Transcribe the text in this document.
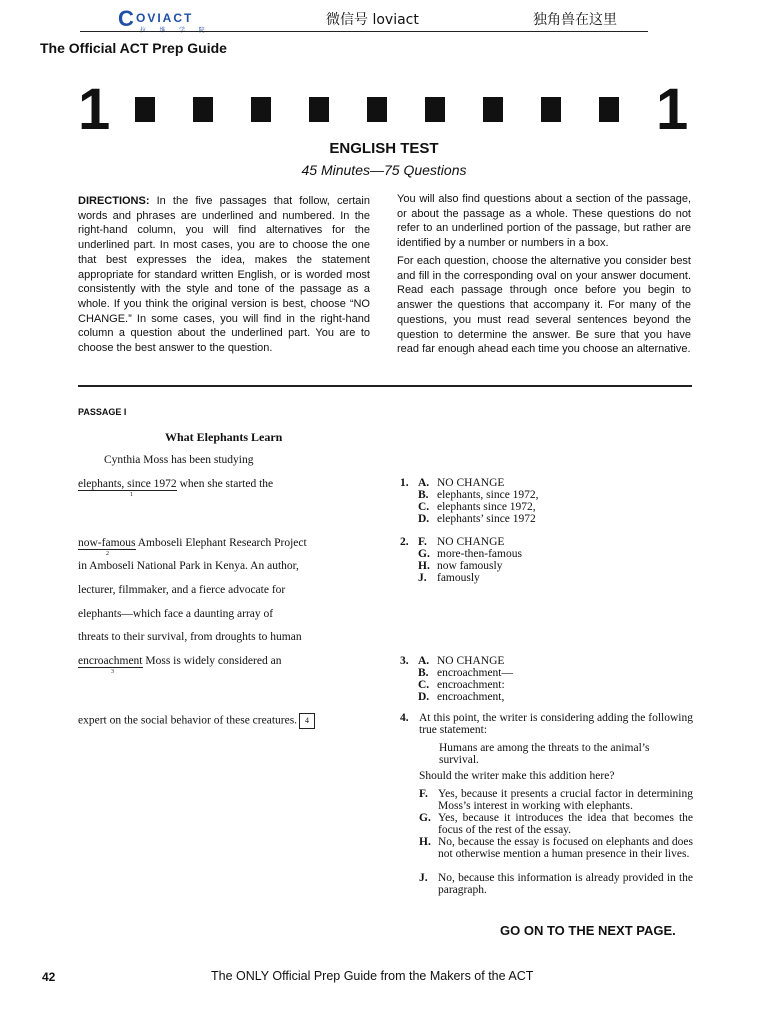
C OVIACT	微信号 loviact	独角兽在这里
The Official ACT Prep Guide
1	1
ENGLISH TEST
45 Minutes—75 Questions
DIRECTIONS: In the five passages that follow, certain words and phrases are underlined and numbered. In the right-hand column, you will find alternatives for the underlined part. In most cases, you are to choose the one that best expresses the idea, makes the statement appropriate for standard written English, or is worded most consistently with the style and tone of the passage as a whole. If you think the original version is best, choose “NO CHANGE.” In some cases, you will find in the right-hand column a question about the underlined part. You are to choose the best answer to the question.
You will also find questions about a section of the passage, or about the passage as a whole. These questions do not refer to an underlined portion of the passage, but rather are identified by a number or numbers in a box.
For each question, choose the alternative you consider best and fill in the corresponding oval on your answer document. Read each passage through once before you begin to answer the questions that accompany it. For many of the questions, you must read several sentences beyond the question to determine the answer. Be sure that you have read far enough ahead each time you choose an alternative.
PASSAGE I
What Elephants Learn
Cynthia Moss has been studying
elephants, since 1972 when she started the
1
now-famous Amboseli Elephant Research Project
2
in Amboseli National Park in Kenya. An author,
lecturer, filmmaker, and a fierce advocate for
elephants—which face a daunting array of
threats to their survival, from droughts to human
encroachment Moss is widely considered an
3
expert on the social behavior of these creatures. 4
1. A. NO CHANGE
B. elephants, since 1972,
C. elephants since 1972,
D. elephants’ since 1972
2. F. NO CHANGE
G. more-then-famous
H. now famously
J. famously
3. A. NO CHANGE
B. encroachment—
C. encroachment:
D. encroachment,
4. At this point, the writer is considering adding the following true statement:
Humans are among the threats to the animal’s survival.
Should the writer make this addition here?
F. Yes, because it presents a crucial factor in determining Moss’s interest in working with elephants.
G. Yes, because it introduces the idea that becomes the focus of the rest of the essay.
H. No, because the essay is focused on elephants and does not otherwise mention a human presence in their lives.
J. No, because this information is already provided in the paragraph.
GO ON TO THE NEXT PAGE.
42	The ONLY Official Prep Guide from the Makers of the ACT
